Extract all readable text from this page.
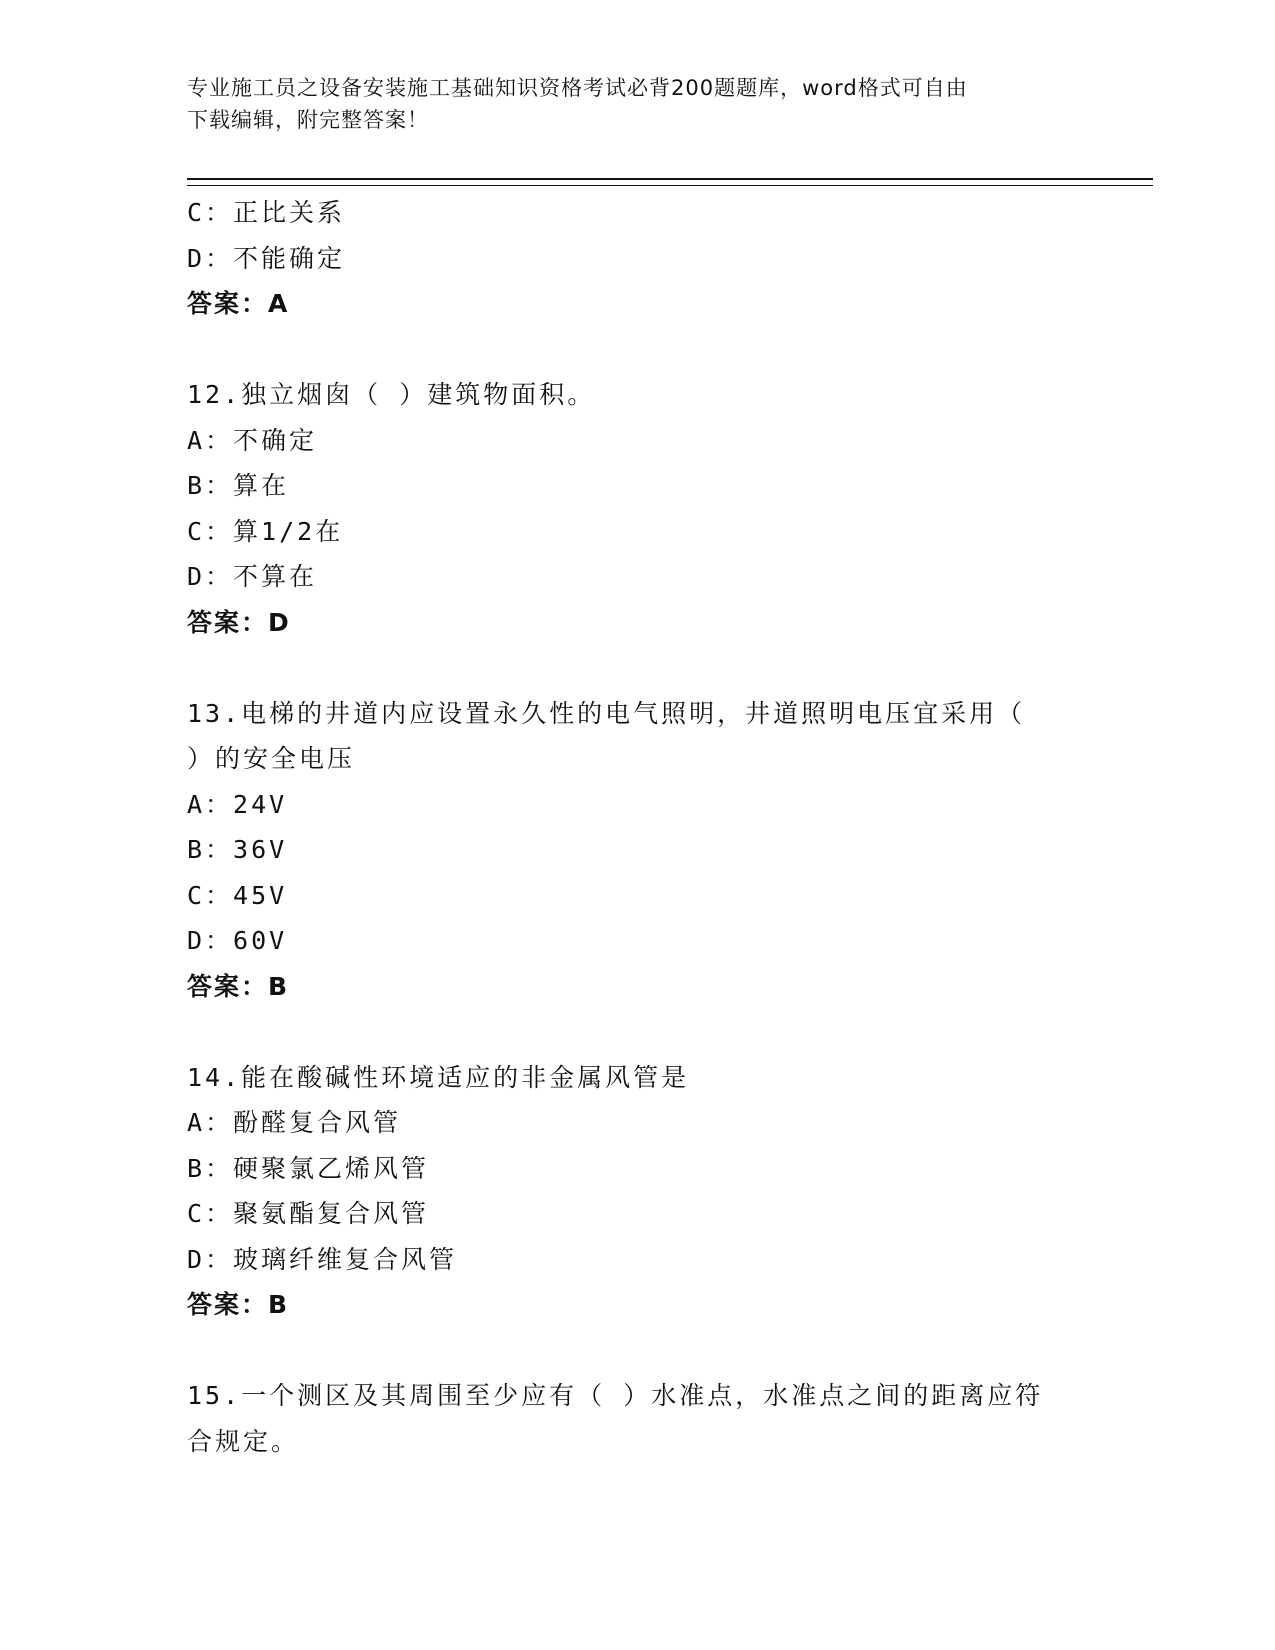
专业施工员之设备安装施工基础知识资格考试必背200题题库，word格式可自由
下载编辑，附完整答案！
C：正比关系
D：不能确定
答案：A
12.独立烟囱（ ）建筑物面积。
A：不确定
B：算在
C：算1/2在
D：不算在
答案：D
13.电梯的井道内应设置永久性的电气照明，井道照明电压宜采用（
）的安全电压
A：24V
B：36V
C：45V
D：60V
答案：B
14.能在酸碱性环境适应的非金属风管是
A：酚醛复合风管
B：硬聚氯乙烯风管
C：聚氨酯复合风管
D：玻璃纤维复合风管
答案：B
15.一个测区及其周围至少应有（ ）水准点，水准点之间的距离应符
合规定。
